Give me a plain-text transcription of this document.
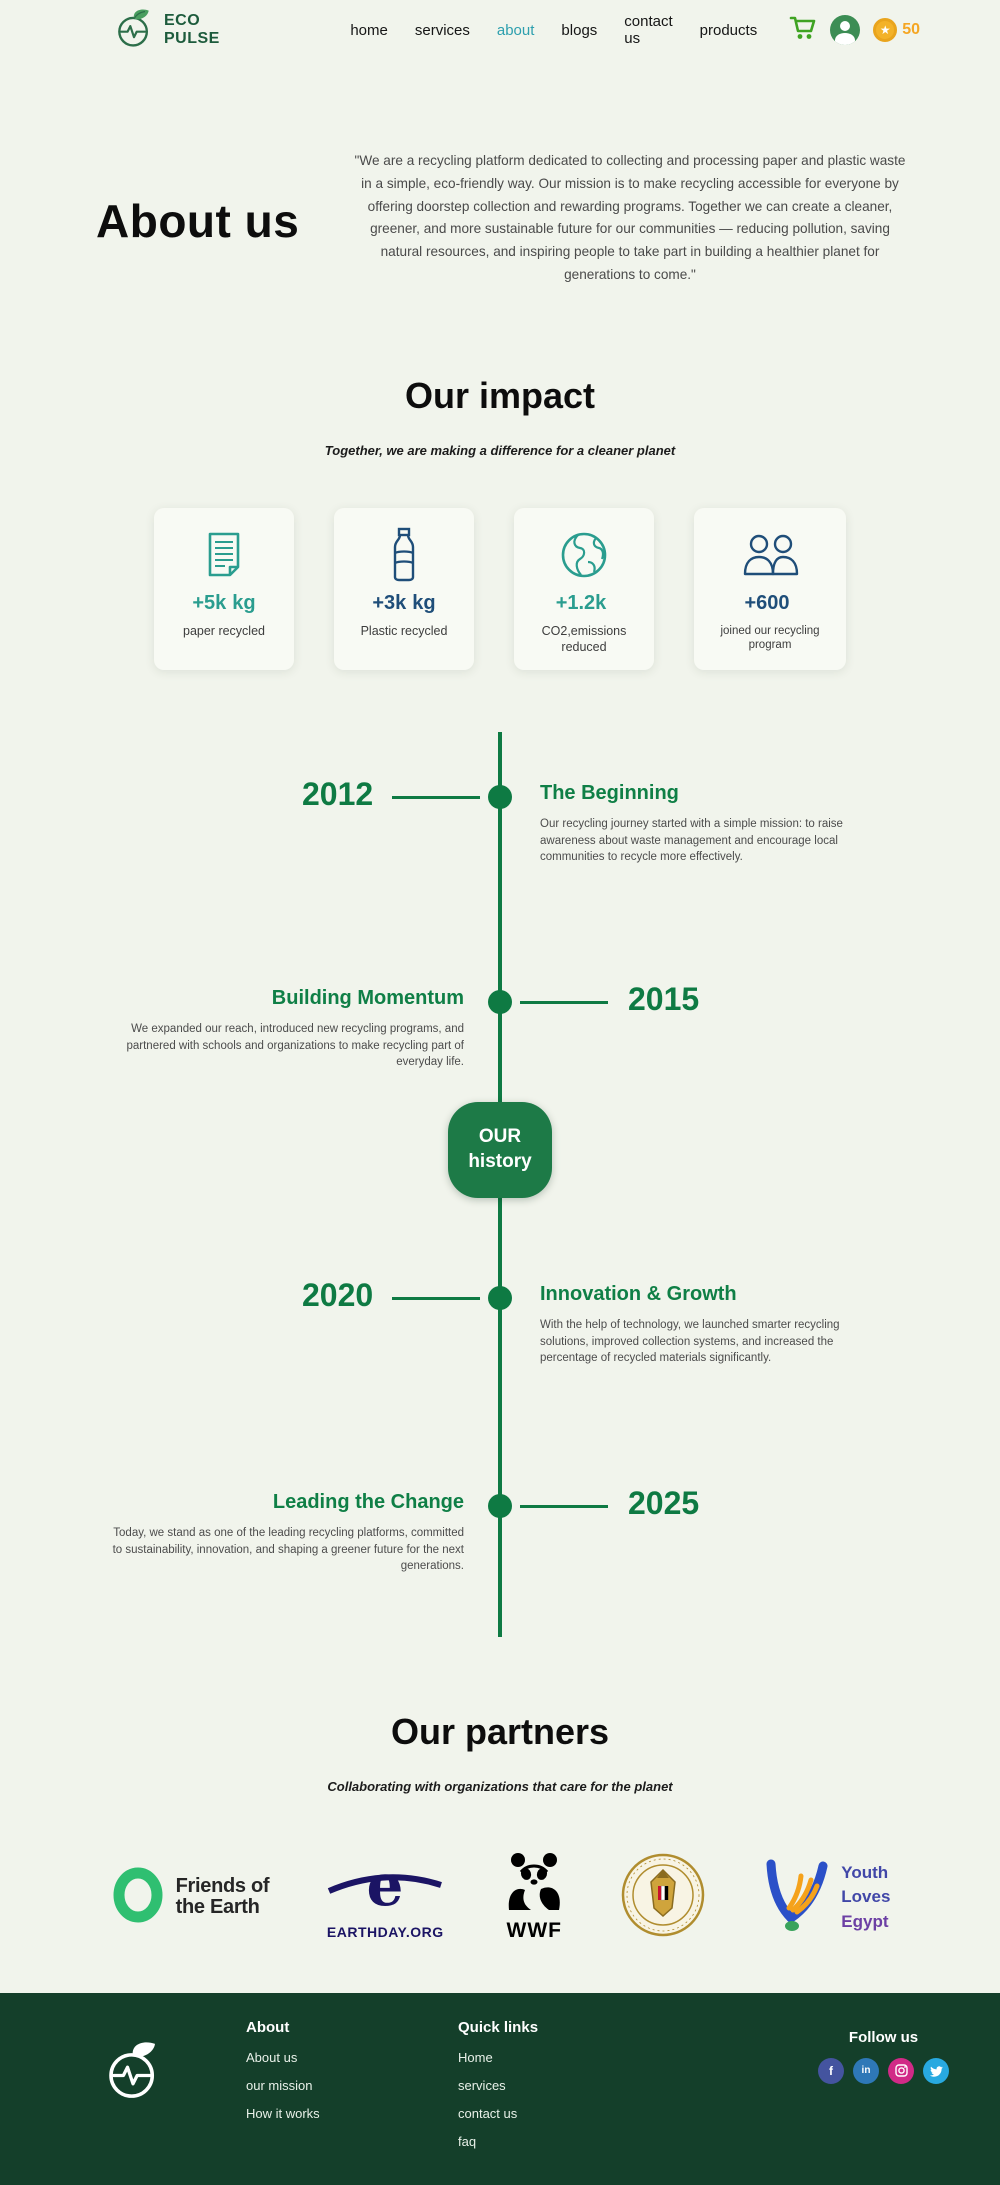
ECO PULSE	home services about blogs contact us	products	★ 50
About us

"We are a recycling platform dedicated to collecting and processing paper and plastic waste in a simple, eco-friendly way. Our mission is to make recycling accessible for everyone by offering doorstep collection and rewarding programs. Together we can create a cleaner, greener, and more sustainable future for our communities — reducing pollution, saving natural resources, and inspiring people to take part in building a healthier planet for generations to come."

Our impact
Together, we are making a difference for a cleaner planet
+5k kg
paper recycled
+3k kg
Plastic recycled
+1.2k
CO2,emissions reduced
+600
joined our recycling program
2012	The Beginning

Our recycling journey started with a simple mission: to raise awareness about waste management and encourage local communities to recycle more effectively.

Building Momentum

We expanded our reach, introduced new recycling programs, and partnered with schools and organizations to make recycling part of everyday life.

2015
OUR
history
2020	Innovation & Growth

With the help of technology, we launched smarter recycling solutions, improved collection systems, and increased the percentage of recycled materials significantly.

Leading the Change

Today, we stand as one of the leading recycling platforms, committed to sustainability, innovation, and shaping a greener future for the next generations.

2025
Our partners
Collaborating with organizations that care for the planet
Friends of
the Earth e
EARTHDAY.ORG	WWF
Youth
Loves
Egypt
About
About us
our mission
How it works
Quick links
Home
services
contact us
faq
Follow us
f	in
